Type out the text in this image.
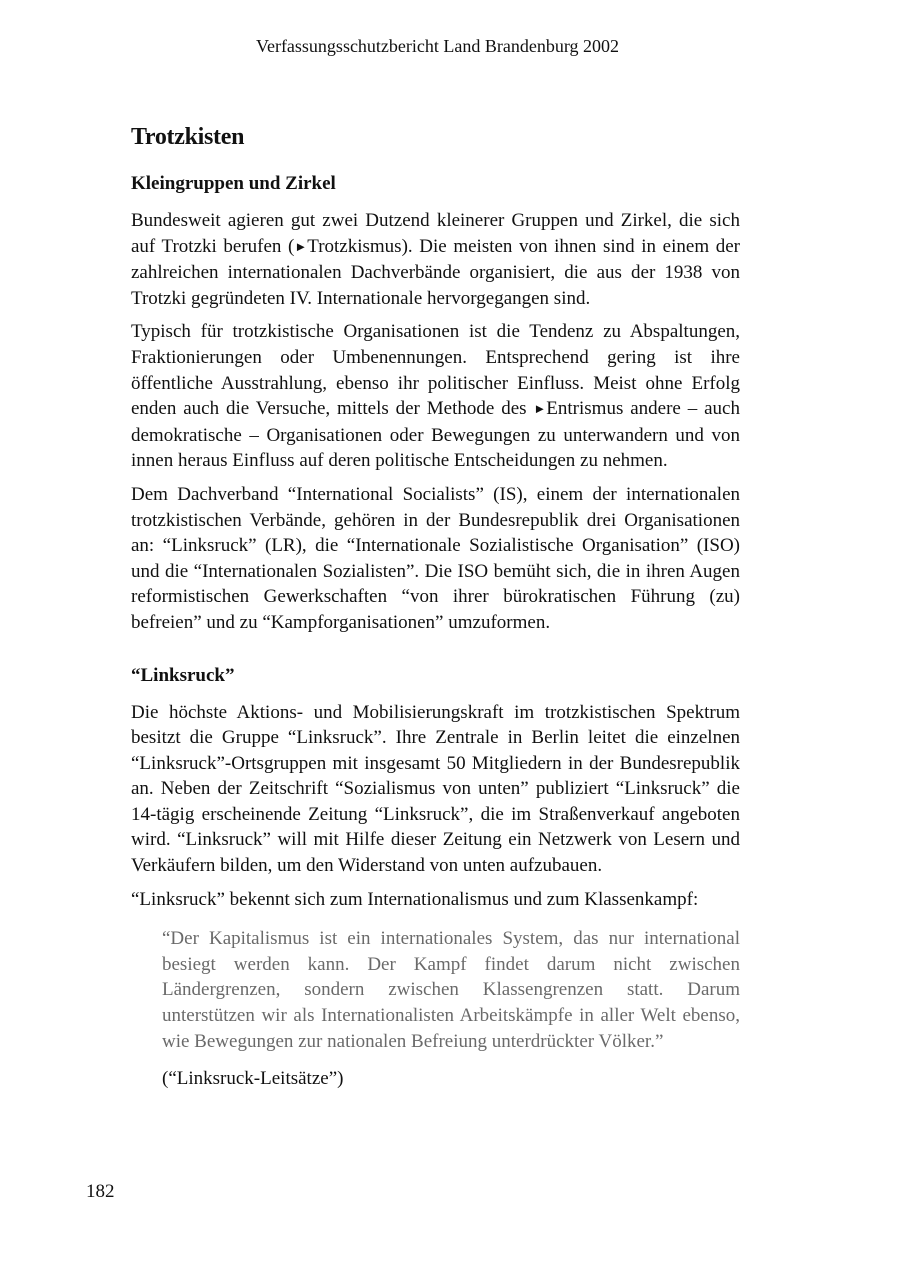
Verfassungsschutzbericht Land Brandenburg 2002
Trotzkisten
Kleingruppen und Zirkel

Bundesweit agieren gut zwei Dutzend kleinerer Gruppen und Zirkel, die sich auf Trotzki berufen (►Trotzkismus). Die meisten von ihnen sind in einem der zahlreichen internationalen Dachverbände organisiert, die aus der 1938 von Trotzki gegründeten IV. Internationale hervorgegangen sind.

Typisch für trotzkistische Organisationen ist die Tendenz zu Abspaltungen, Fraktionierungen oder Umbenennungen. Entsprechend gering ist ihre öffentliche Ausstrahlung, ebenso ihr politischer Einfluss. Meist ohne Erfolg enden auch die Versuche, mittels der Methode des ►Entrismus andere – auch demokratische – Organisationen oder Bewegungen zu unterwandern und von innen heraus Einfluss auf deren politische Entscheidungen zu nehmen.

Dem Dachverband “International Socialists” (IS), einem der internationalen trotzkistischen Verbände, gehören in der Bundesrepublik drei Organisationen an: “Linksruck” (LR), die “Internationale Sozialistische Organisation” (ISO) und die “Internationalen Sozialisten”. Die ISO bemüht sich, die in ihren Augen reformistischen Gewerkschaften “von ihrer bürokratischen Führung (zu) befreien” und zu “Kampforganisationen” umzuformen.

“Linksruck”

Die höchste Aktions- und Mobilisierungskraft im trotzkistischen Spektrum besitzt die Gruppe “Linksruck”. Ihre Zentrale in Berlin leitet die einzelnen “Linksruck”-Ortsgruppen mit insgesamt 50 Mitgliedern in der Bundesrepublik an. Neben der Zeitschrift “Sozialismus von unten” publiziert “Linksruck” die 14-tägig erscheinende Zeitung “Linksruck”, die im Straßenverkauf angeboten wird. “Linksruck” will mit Hilfe dieser Zeitung ein Netzwerk von Lesern und Verkäufern bilden, um den Widerstand von unten aufzubauen.

“Linksruck” bekennt sich zum Internationalismus und zum Klassenkampf:

“Der Kapitalismus ist ein internationales System, das nur international besiegt werden kann. Der Kampf findet darum nicht zwischen Ländergrenzen, sondern zwischen Klassengrenzen statt. Darum unterstützen wir als Internationalisten Arbeitskämpfe in aller Welt ebenso, wie Bewegungen zur nationalen Befreiung unterdrückter Völker.”

(“Linksruck-Leitsätze”)
182
